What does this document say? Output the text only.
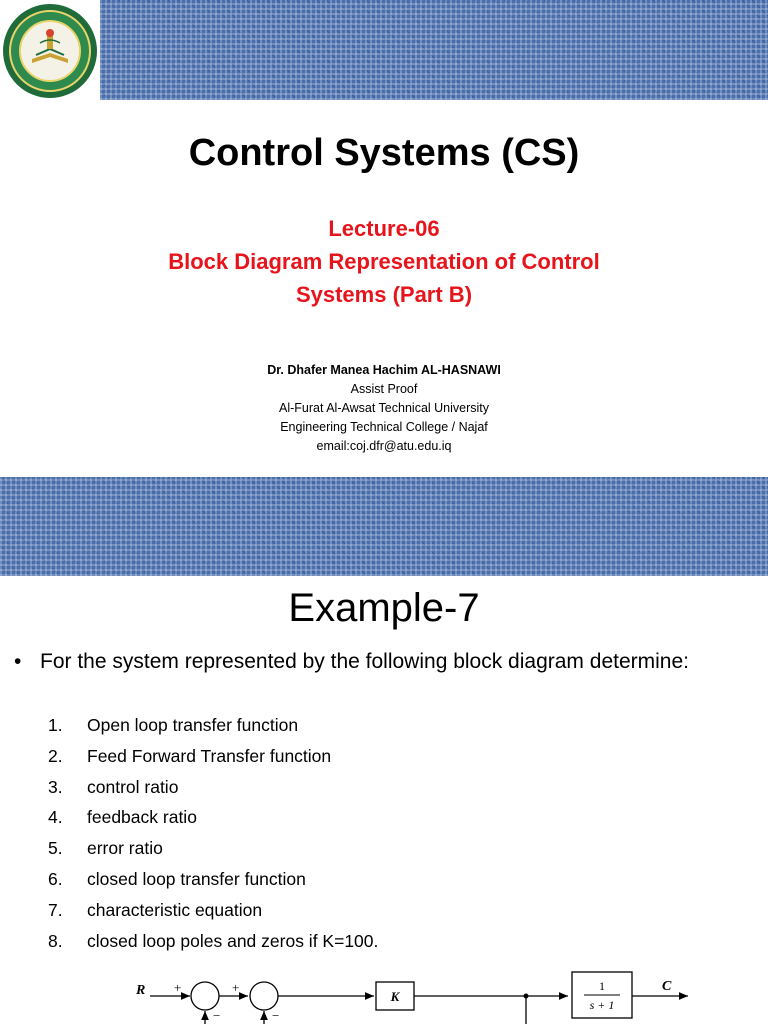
Control Systems (CS)
Lecture-06
Block Diagram Representation of Control
Systems (Part B)
Dr. Dhafer Manea Hachim AL-HASNAWI
Assist Proof
Al-Furat Al-Awsat Technical University
Engineering Technical College / Najaf
email:coj.dfr@atu.edu.iq
Example-7
• For the system represented by the following block diagram determine:
1. Open loop transfer function
2. Feed Forward Transfer function
3. control ratio
4. feedback ratio
5. error ratio
6. closed loop transfer function
7. characteristic equation
8. closed loop poles and zeros if K=100.
R +
−
+
−
K
1
s + 1
C
